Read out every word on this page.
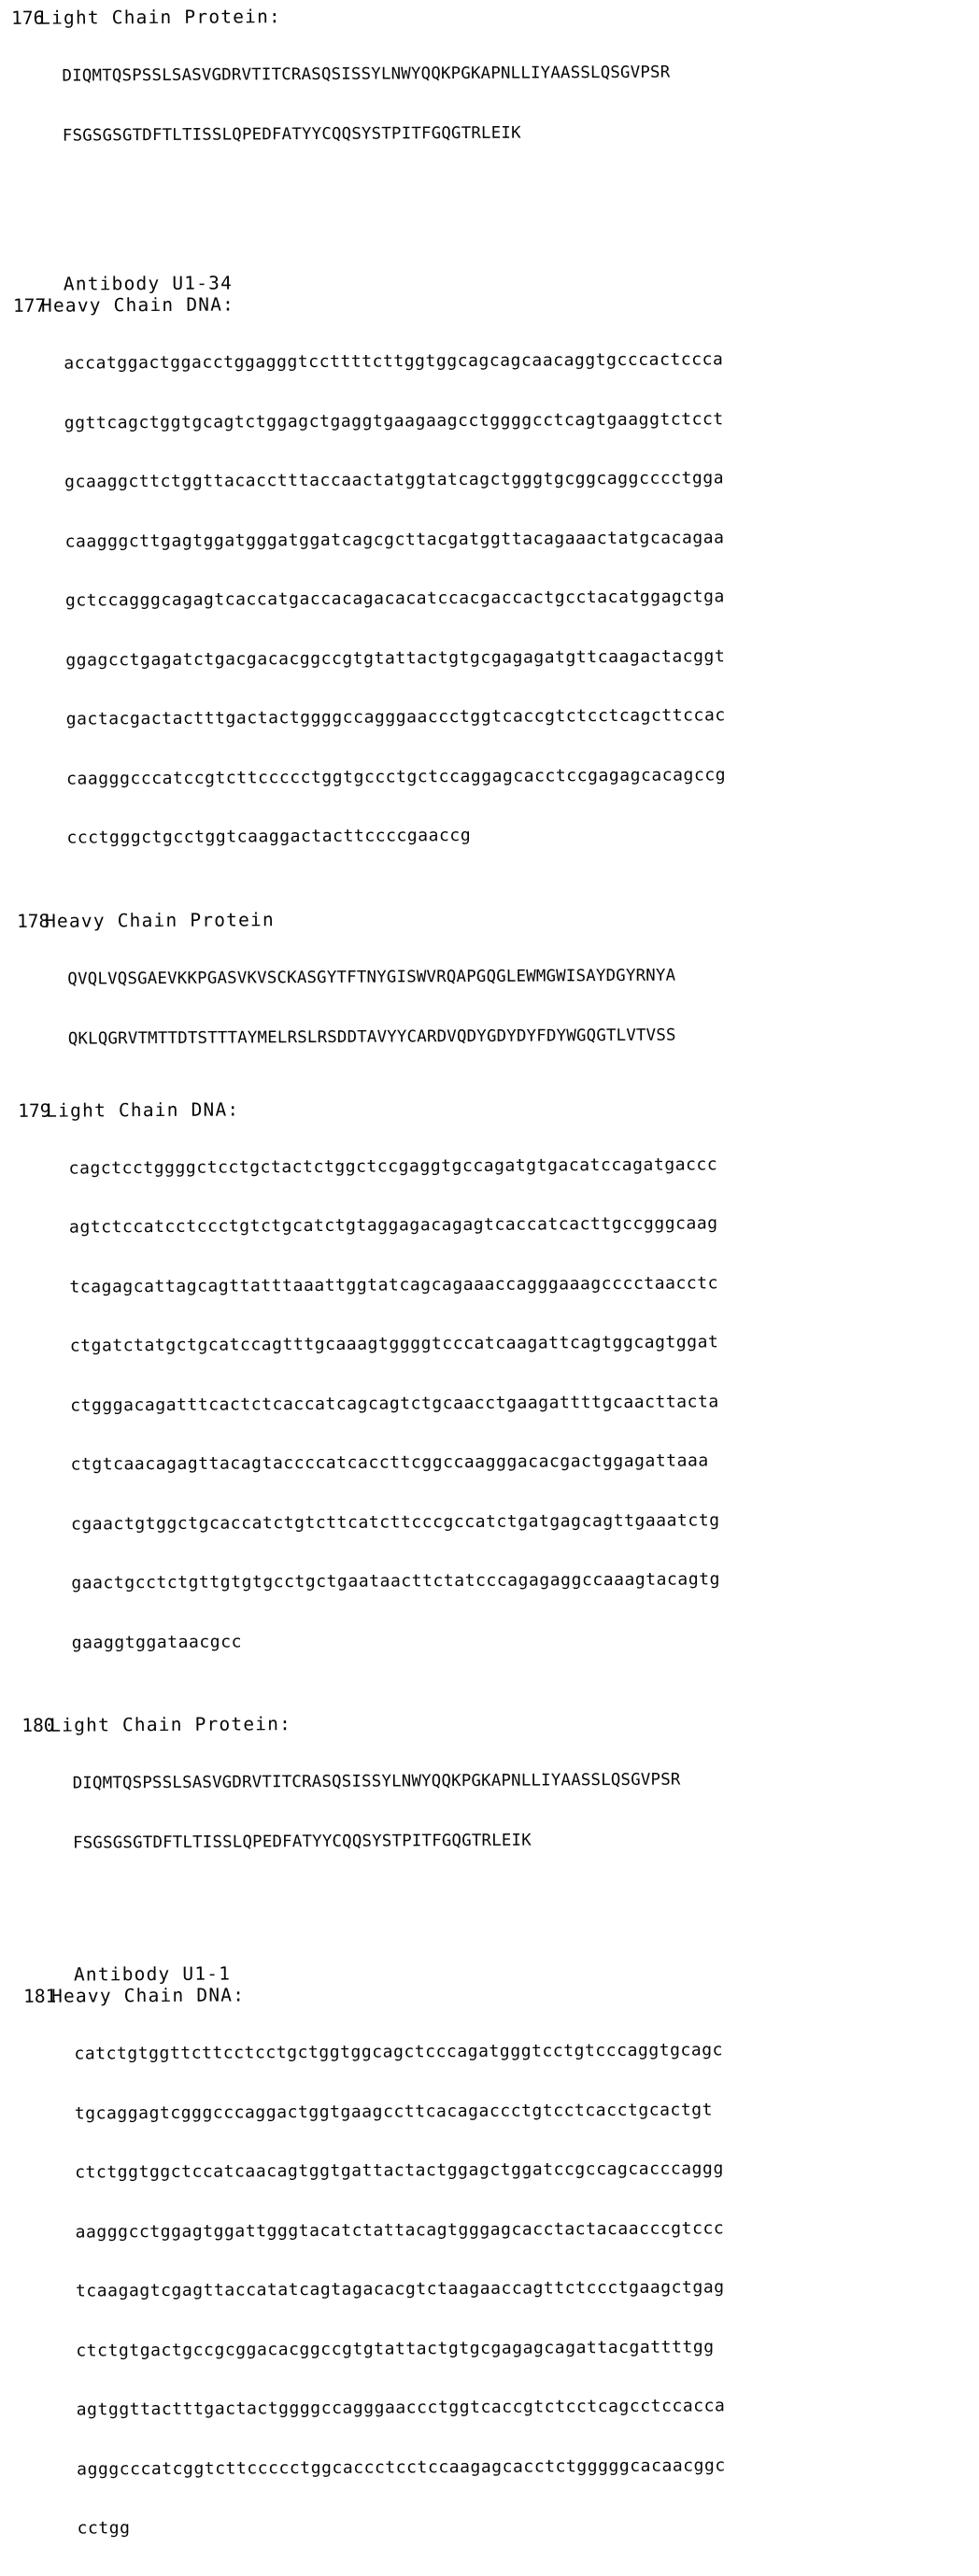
176
Light Chain Protein:

DIQMTQSPSSLSASVGDRVTITCRASQSISSYLNWYQQKPGKAPNLLIYAASSLQSGVPSR

FSGSGSGTDFTLTISSLQPEDFATYYCQQSYSTPITFGQGTRLEIK

Antibody U1-34
177
Heavy Chain DNA:

accatggactggacctggagggtccttttcttggtggcagcagcaacaggtgcccactccca

ggttcagctggtgcagtctggagctgaggtgaagaagcctggggcctcagtgaaggtctcct

gcaaggcttctggttacacctttaccaactatggtatcagctgggtgcggcaggcccctgga

caagggcttgagtggatgggatggatcagcgcttacgatggttacagaaactatgcacagaa

gctccagggcagagtcaccatgaccacagacacatccacgaccactgcctacatggagctga

ggagcctgagatctgacgacacggccgtgtattactgtgcgagagatgttcaagactacggt

gactacgactactttgactactggggccagggaaccctggtcaccgtctcctcagcttccac

caagggcccatccgtcttccccctggtgccctgctccaggagcacctccgagagcacagccg

ccctgggctgcctggtcaaggactacttccccgaaccg

178
Heavy Chain Protein

QVQLVQSGAEVKKPGASVKVSCKASGYTFTNYGISWVRQAPGQGLEWMGWISAYDGYRNYA

QKLQGRVTMTTDTSTTTAYMELRSLRSDDTAVYYCARDVQDYGDYDYFDYWGQGTLVTVSS

179
Light Chain DNA:

cagctcctggggctcctgctactctggctccgaggtgccagatgtgacatccagatgaccc

agtctccatcctccctgtctgcatctgtaggagacagagtcaccatcacttgccgggcaag

tcagagcattagcagttatttaaattggtatcagcagaaaccagggaaagcccctaacctc

ctgatctatgctgcatccagtttgcaaagtggggtcccatcaagattcagtggcagtggat

ctgggacagatttcactctcaccatcagcagtctgcaacctgaagattttgcaacttacta

ctgtcaacagagttacagtaccccatcaccttcggccaagggacacgactggagattaaa

cgaactgtggctgcaccatctgtcttcatcttcccgccatctgatgagcagttgaaatctg

gaactgcctctgttgtgtgcctgctgaataacttctatcccagagaggccaaagtacagtg

gaaggtggataacgcc

180
Light Chain Protein:

DIQMTQSPSSLSASVGDRVTITCRASQSISSYLNWYQQKPGKAPNLLIYAASSLQSGVPSR

FSGSGSGTDFTLTISSLQPEDFATYYCQQSYSTPITFGQGTRLEIK

Antibody U1-1
181
Heavy Chain DNA:

catctgtggttcttcctcctgctggtggcagctcccagatgggtcctgtcccaggtgcagc

tgcaggagtcgggcccaggactggtgaagccttcacagaccctgtcctcacctgcactgt

ctctggtggctccatcaacagtggtgattactactggagctggatccgccagcacccaggg

aagggcctggagtggattgggtacatctattacagtgggagcacctactacaacccgtccc

tcaagagtcgagttaccatatcagtagacacgtctaagaaccagttctccctgaagctgag

ctctgtgactgccgcggacacggccgtgtattactgtgcgagagcagattacgattttgg

agtggttactttgactactggggccagggaaccctggtcaccgtctcctcagcctccacca

agggcccatcggtcttccccctggcaccctcctccaagagcacctctgggggcacaacggc

cctgg
